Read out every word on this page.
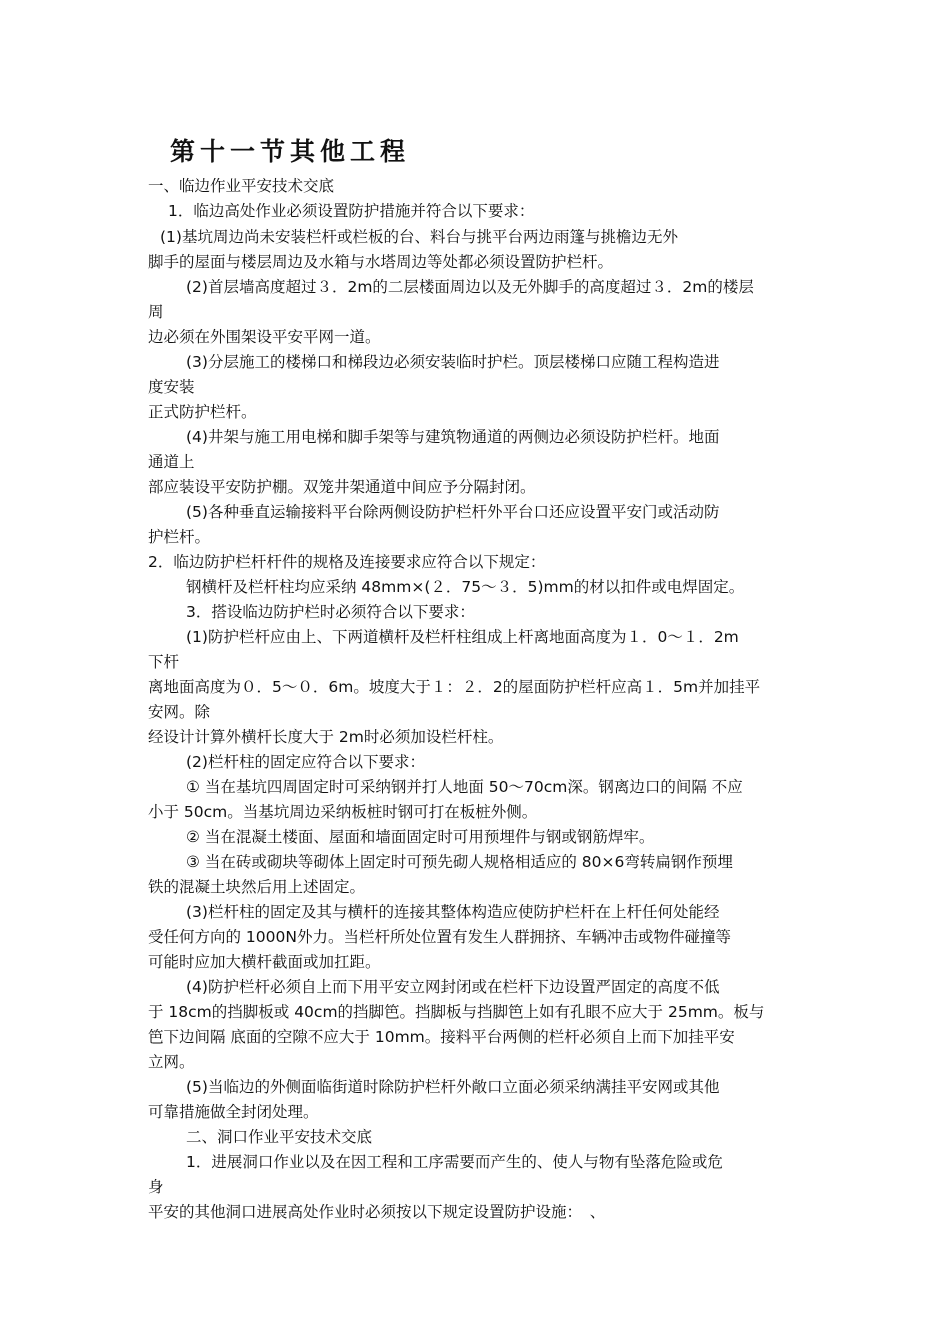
第十一节其他工程
一、临边作业平安技术交底
1．临边高处作业必须设置防护措施并符合以下要求：
(1)基坑周边尚未安装栏杆或栏板的台、料台与挑平台两边雨篷与挑檐边无外
脚手的屋面与楼层周边及水箱与水塔周边等处都必须设置防护栏杆。
(2)首层墙高度超过３．2m的二层楼面周边以及无外脚手的高度超过３．2m的楼层
周
边必须在外围架设平安平网一道。
(3)分层施工的楼梯口和梯段边必须安装临时护栏。顶层楼梯口应随工程构造进
度安装
正式防护栏杆。
(4)井架与施工用电梯和脚手架等与建筑物通道的两侧边必须设防护栏杆。地面
通道上
部应装设平安防护棚。双笼井架通道中间应予分隔封闭。
(5)各种垂直运输接料平台除两侧设防护栏杆外平台口还应设置平安门或活动防
护栏杆。
2．临边防护栏杆杆件的规格及连接要求应符合以下规定：
钢横杆及栏杆柱均应采纳 48mm×(２．75～３．5)mm的材以扣件或电焊固定。
3．搭设临边防护栏时必须符合以下要求：
(1)防护栏杆应由上、下两道横杆及栏杆柱组成上杆离地面高度为１．0～１．2m
下杆
离地面高度为０．5～０．6m。坡度大于１：２．2的屋面防护栏杆应高１．5m并加挂平
安网。除
经设计计算外横杆长度大于 2m时必须加设栏杆柱。
(2)栏杆柱的固定应符合以下要求：
① 当在基坑四周固定时可采纳钢并打人地面 50～70cm深。钢离边口的间隔 不应
小于 50cm。当基坑周边采纳板桩时钢可打在板桩外侧。
② 当在混凝土楼面、屋面和墙面固定时可用预埋件与钢或钢筋焊牢。
③ 当在砖或砌块等砌体上固定时可预先砌人规格相适应的 80×6弯转扁钢作预埋
铁的混凝土块然后用上述固定。
(3)栏杆柱的固定及其与横杆的连接其整体构造应使防护栏杆在上杆任何处能经
受任何方向的 1000N外力。当栏杆所处位置有发生人群拥挤、车辆冲击或物件碰撞等
可能时应加大横杆截面或加扛距。
(4)防护栏杆必须自上而下用平安立网封闭或在栏杆下边设置严固定的高度不低
于 18cm的挡脚板或 40cm的挡脚笆。挡脚板与挡脚笆上如有孔眼不应大于 25mm。板与
笆下边间隔 底面的空隙不应大于 10mm。接料平台两侧的栏杆必须自上而下加挂平安
立网。
(5)当临边的外侧面临街道时除防护栏杆外敞口立面必须采纳满挂平安网或其他
可靠措施做全封闭处理。
二、洞口作业平安技术交底
1．进展洞口作业以及在因工程和工序需要而产生的、使人与物有坠落危险或危
身
平安的其他洞口进展高处作业时必须按以下规定设置防护设施：　、
